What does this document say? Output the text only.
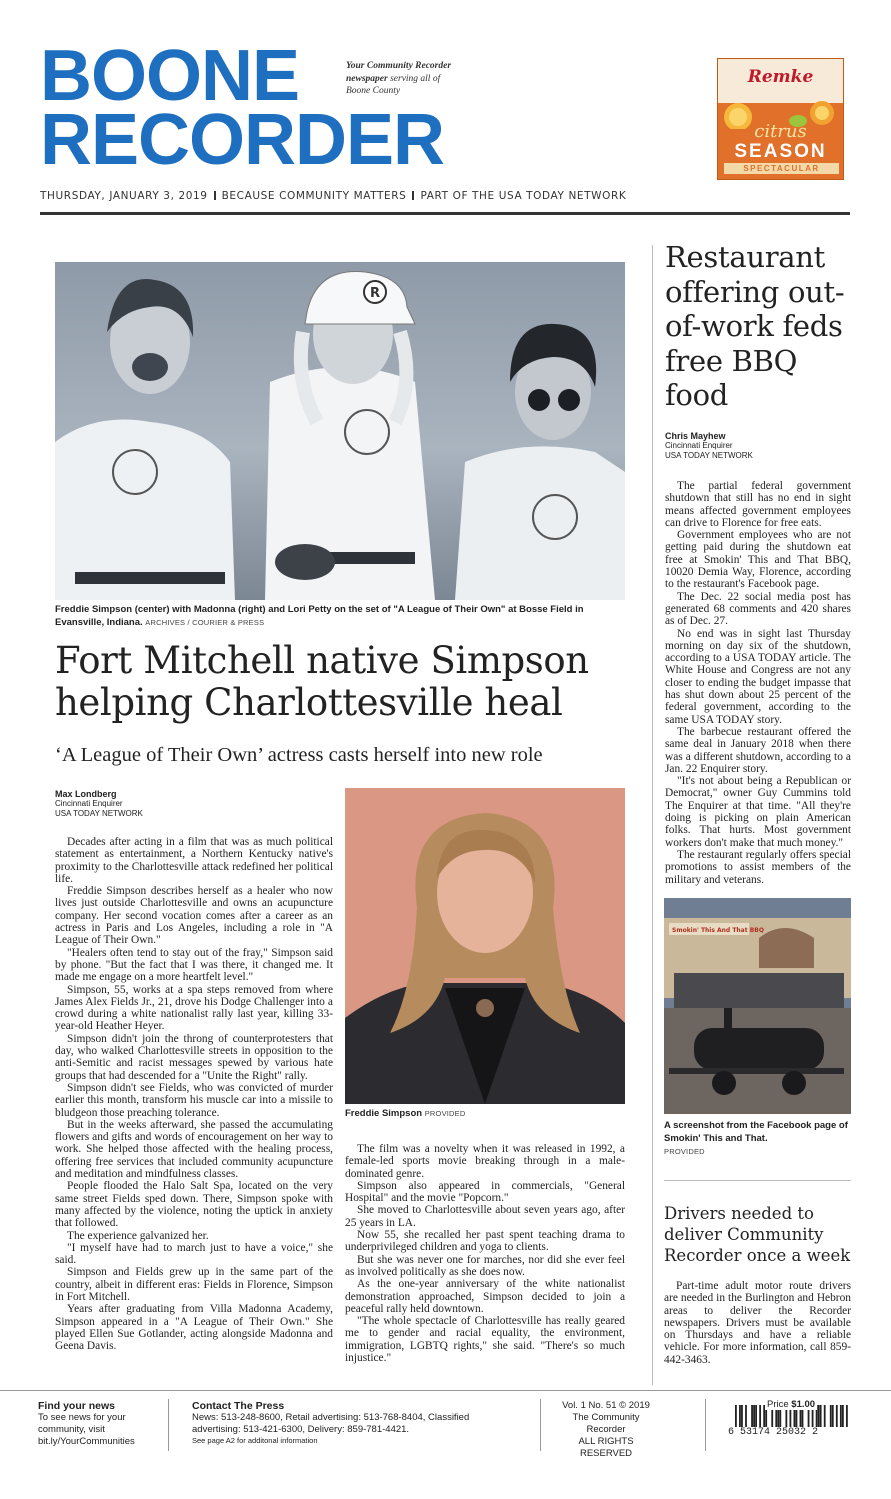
BOONE
RECORDER
Your Community Recorder newspaper serving all of Boone County
Remke
citrus
SEASON
SPECTACULAR
THURSDAY, JANUARY 3, 2019 BECAUSE COMMUNITY MATTERS PART OF THE USA TODAY NETWORK
R
Freddie Simpson (center) with Madonna (right) and Lori Petty on the set of "A League of Their Own" at Bosse Field in Evansville, Indiana. ARCHIVES / COURIER & PRESS
Fort Mitchell native Simpson helping Charlottesville heal
‘A League of Their Own’ actress casts herself into new role
Max Londberg
Cincinnati Enquirer
USA TODAY NETWORK

Decades after acting in a film that was as much political statement as entertainment, a Northern Kentucky native's proximity to the Charlottesville attack redefined her political life.

Freddie Simpson describes herself as a healer who now lives just outside Charlottesville and owns an acupuncture company. Her second vocation comes after a career as an actress in Paris and Los Angeles, including a role in "A League of Their Own."

"Healers often tend to stay out of the fray," Simpson said by phone. "But the fact that I was there, it changed me. It made me engage on a more heartfelt level."

Simpson, 55, works at a spa steps removed from where James Alex Fields Jr., 21, drove his Dodge Challenger into a crowd during a white nationalist rally last year, killing 33-year-old Heather Heyer.

Simpson didn't join the throng of counterprotesters that day, who walked Charlottesville streets in opposition to the anti-Semitic and racist messages spewed by various hate groups that had descended for a "Unite the Right" rally.

Simpson didn't see Fields, who was convicted of murder earlier this month, transform his muscle car into a missile to bludgeon those preaching tolerance.

But in the weeks afterward, she passed the accumulating flowers and gifts and words of encouragement on her way to work. She helped those affected with the healing process, offering free services that included community acupuncture and meditation and mindfulness classes.

People flooded the Halo Salt Spa, located on the very same street Fields sped down. There, Simpson spoke with many affected by the violence, noting the uptick in anxiety that followed.

The experience galvanized her.

"I myself have had to march just to have a voice," she said.

Simpson and Fields grew up in the same part of the country, albeit in different eras: Fields in Florence, Simpson in Fort Mitchell.

Years after graduating from Villa Madonna Academy, Simpson appeared in a "A League of Their Own." She played Ellen Sue Gotlander, acting alongside Madonna and Geena Davis.

Freddie Simpson PROVIDED

The film was a novelty when it was released in 1992, a female-led sports movie breaking through in a male-dominated genre.

Simpson also appeared in commercials, "General Hospital" and the movie "Popcorn."

She moved to Charlottesville about seven years ago, after 25 years in LA.

Now 55, she recalled her past spent teaching drama to underprivileged children and yoga to clients.

But she was never one for marches, nor did she ever feel as involved politically as she does now.

As the one-year anniversary of the white nationalist demonstration approached, Simpson decided to join a peaceful rally held downtown.

"The whole spectacle of Charlottesville has really geared me to gender and racial equality, the environment, immigration, LGBTQ rights," she said. "There's so much injustice."

Restaurant offering out-of-work feds free BBQ food
Chris Mayhew
Cincinnati Enquirer
USA TODAY NETWORK

The partial federal government shutdown that still has no end in sight means affected government employees can drive to Florence for free eats.

Government employees who are not getting paid during the shutdown eat free at Smokin' This and That BBQ, 10020 Demia Way, Florence, according to the restaurant's Facebook page.

The Dec. 22 social media post has generated 68 comments and 420 shares as of Dec. 27.

No end was in sight last Thursday morning on day six of the shutdown, according to a USA TODAY article. The White House and Congress are not any closer to ending the budget impasse that has shut down about 25 percent of the federal government, according to the same USA TODAY story.

The barbecue restaurant offered the same deal in January 2018 when there was a different shutdown, according to a Jan. 22 Enquirer story.

"It's not about being a Republican or Democrat," owner Guy Cummins told The Enquirer at that time. "All they're doing is picking on plain American folks. That hurts. Most government workers don't make that much money."

The restaurant regularly offers special promotions to assist members of the military and veterans.

Smokin' This And That BBQ
A screenshot from the Facebook page of Smokin' This and That.
PROVIDED
Drivers needed to deliver Community Recorder once a week

Part-time adult motor route drivers are needed in the Burlington and Hebron areas to deliver the Recorder newspapers. Drivers must be available on Thursdays and have a reliable vehicle. For more information, call 859-442-3463.

Find your news
To see news for your community, visit bit.ly/YourCommunities
Contact The Press
News: 513-248-8600, Retail advertising: 513-768-8404, Classified advertising: 513-421-6300, Delivery: 859-781-4421.
See page A2 for additonal information
Vol. 1 No. 51 © 2019
The Community Recorder
ALL RIGHTS RESERVED
Price $1.00
6 53174 25032 2
